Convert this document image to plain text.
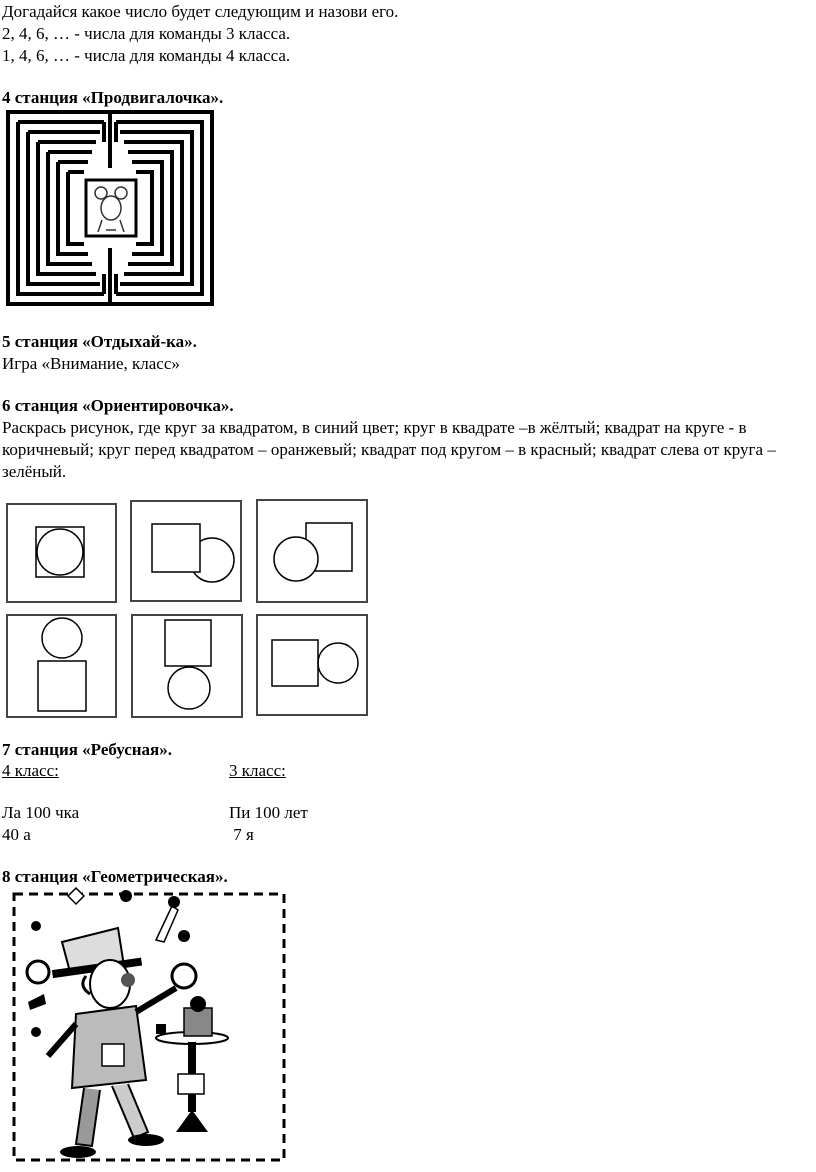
Догадайся какое число будет следующим и назови его.
2, 4, 6, … - числа для команды 3 класса.
1, 4, 6, … - числа для команды 4 класса.
4 станция «Продвигалочка».
5 станция «Отдыхай-ка».
Игра «Внимание, класс»
6 станция «Ориентировочка».
Раскрась рисунок, где круг за квадратом, в синий цвет; круг в квадрате –в жёлтый; квадрат на круге - в коричневый; круг перед квадратом – оранжевый; квадрат под кругом – в красный; квадрат слева от круга – зелёный.
7 станция «Ребусная».
4 класс:	3 класс:
Ла 100 чка	Пи 100 лет
40 а	7 я
8 станция «Геометрическая».
